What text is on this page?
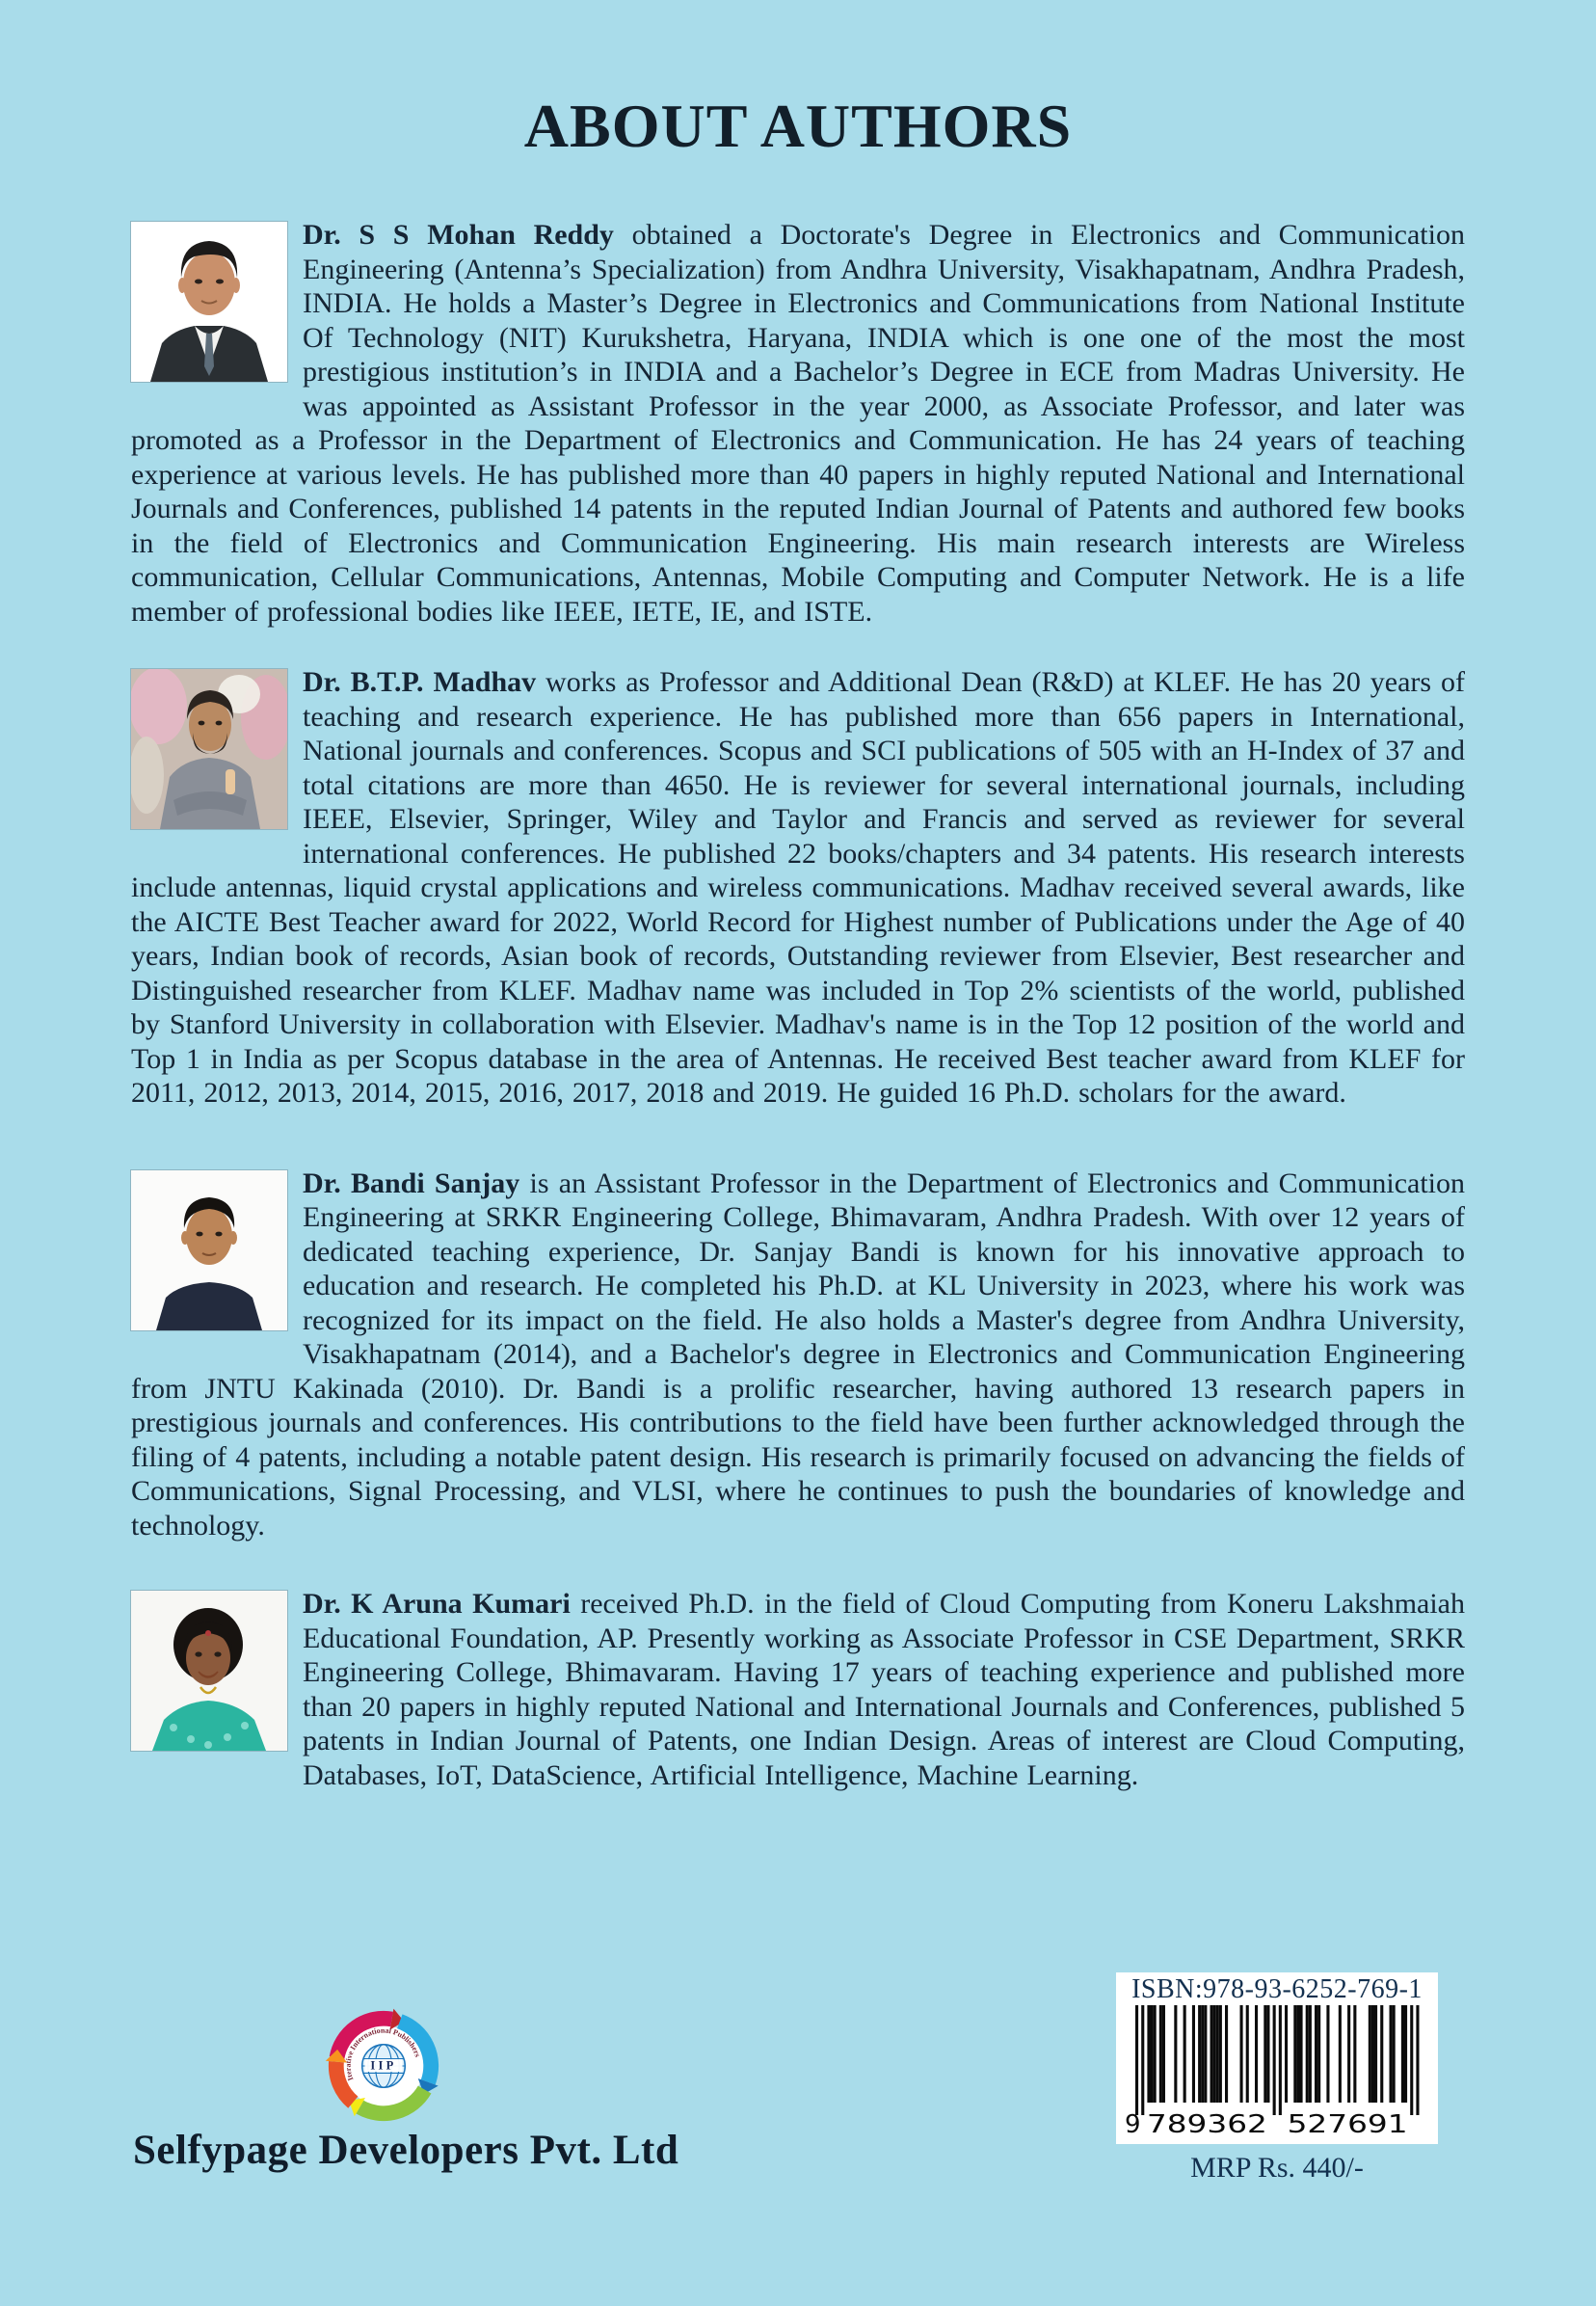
ABOUT AUTHORS

Dr. S S Mohan Reddy obtained a Doctorate's Degree in Electronics and Communication Engineering (Antenna’s Specialization) from Andhra University, Visakhapatnam, Andhra Pradesh, INDIA. He holds a Master’s Degree in Electronics and Communications from National Institute Of Technology (NIT) Kurukshetra, Haryana, INDIA which is one one of the most the most prestigious institution’s in INDIA and a Bachelor’s Degree in ECE from Madras University. He was appointed as Assistant Professor in the year 2000, as Associate Professor, and later was promoted as a Professor in the Department of Electronics and Communication. He has 24 years of teaching experience at various levels. He has published more than 40 papers in highly reputed National and International Journals and Conferences, published 14 patents in the reputed Indian Journal of Patents and authored few books in the field of Electronics and Communication Engineering. His main research interests are Wireless communication, Cellular Communications, Antennas, Mobile Computing and Computer Network. He is a life member of professional bodies like IEEE, IETE, IE, and ISTE.

Dr. B.T.P. Madhav works as Professor and Additional Dean (R&D) at KLEF. He has 20 years of teaching and research experience. He has published more than 656 papers in International, National journals and conferences. Scopus and SCI publications of 505 with an H-Index of 37 and total citations are more than 4650. He is reviewer for several international journals, including IEEE, Elsevier, Springer, Wiley and Taylor and Francis and served as reviewer for several international conferences. He published 22 books/chapters and 34 patents. His research interests include antennas, liquid crystal applications and wireless communications. Madhav received several awards, like the AICTE Best Teacher award for 2022, World Record for Highest number of Publications under the Age of 40 years, Indian book of records, Asian book of records, Outstanding reviewer from Elsevier, Best researcher and Distinguished researcher from KLEF. Madhav name was included in Top 2% scientists of the world, published by Stanford University in collaboration with Elsevier. Madhav's name is in the Top 12 position of the world and Top 1 in India as per Scopus database in the area of Antennas. He received Best teacher award from KLEF for 2011, 2012, 2013, 2014, 2015, 2016, 2017, 2018 and 2019. He guided 16 Ph.D. scholars for the award.

Dr. Bandi Sanjay is an Assistant Professor in the Department of Electronics and Communication Engineering at SRKR Engineering College, Bhimavaram, Andhra Pradesh. With over 12 years of dedicated teaching experience, Dr. Sanjay Bandi is known for his innovative approach to education and research. He completed his Ph.D. at KL University in 2023, where his work was recognized for its impact on the field. He also holds a Master's degree from Andhra University, Visakhapatnam (2014), and a Bachelor's degree in Electronics and Communication Engineering from JNTU Kakinada (2010). Dr. Bandi is a prolific researcher, having authored 13 research papers in prestigious journals and conferences. His contributions to the field have been further acknowledged through the filing of 4 patents, including a notable patent design. His research is primarily focused on advancing the fields of Communications, Signal Processing, and VLSI, where he continues to push the boundaries of knowledge and technology.

Dr. K Aruna Kumari received Ph.D. in the field of Cloud Computing from Koneru Lakshmaiah Educational Foundation, AP. Presently working as Associate Professor in CSE Department, SRKR Engineering College, Bhimavaram. Having 17 years of teaching experience and published more than 20 papers in highly reputed National and International Journals and Conferences, published 5 patents in Indian Journal of Patents, one Indian Design. Areas of interest are Cloud Computing, Databases, IoT, DataScience, Artificial Intelligence, Machine Learning.

ISBN:978-93-6252-769-1
9 789362 527691
MRP Rs. 440/-
Iterative International Publishers
IIP
Selfypage Developers Pvt. Ltd
